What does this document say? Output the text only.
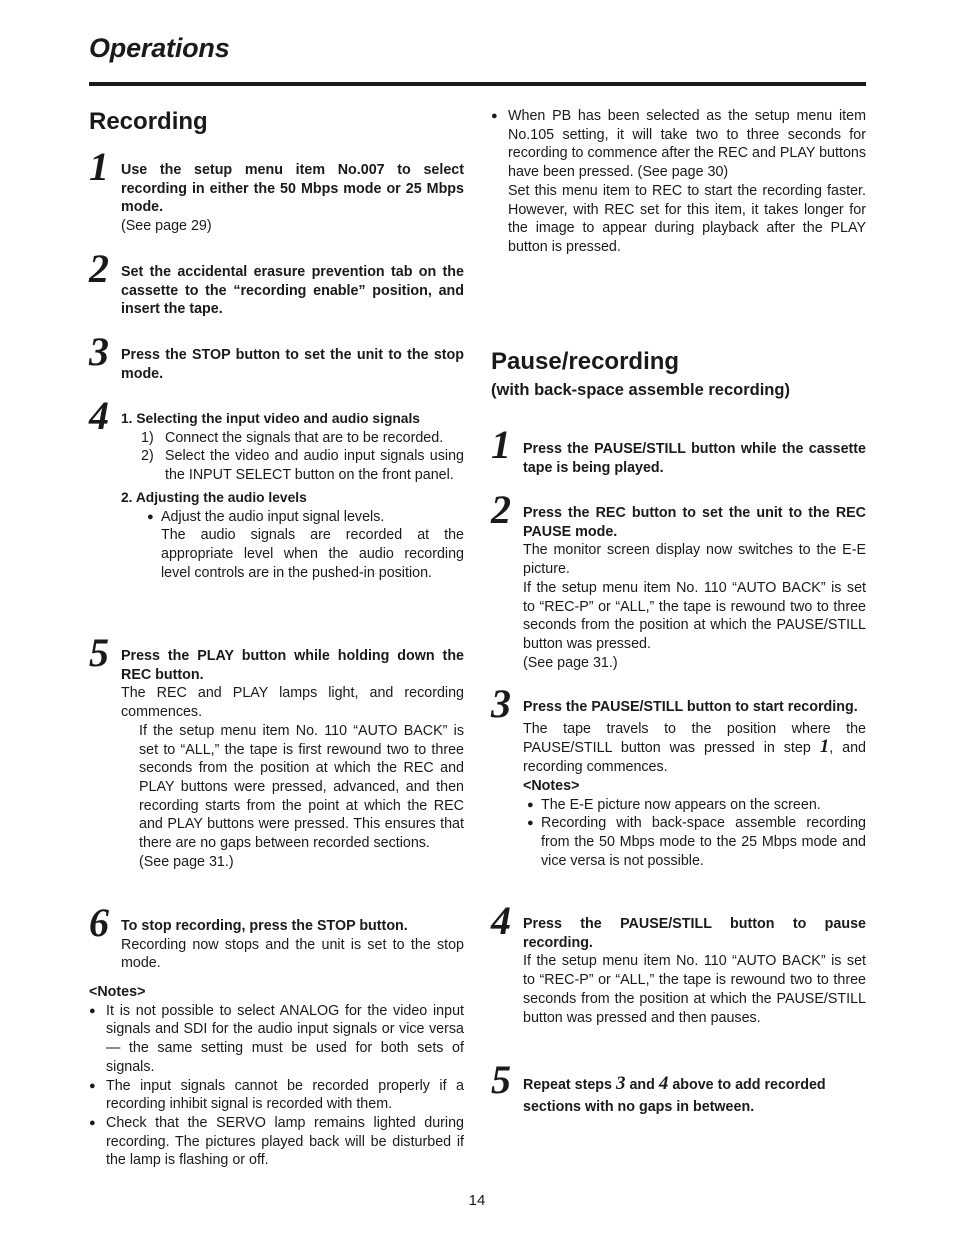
Operations
Recording
1 Use the setup menu item No.007 to select recording in either the 50 Mbps mode or 25 Mbps mode.
(See page 29)
2 Set the accidental erasure prevention tab on the cassette to the “recording enable” position, and insert the tape.
3 Press the STOP button to set the unit to the stop mode.
4 1. Selecting the input video and audio signals
1) Connect the signals that are to be recorded.
2) Select the video and audio input signals using the INPUT SELECT button on the front panel.
2. Adjusting the audio levels
● Adjust the audio input signal levels.
The audio signals are recorded at the appropriate level when the audio recording level controls are in the pushed-in position.
5 Press the PLAY button while holding down the REC button.
The REC and PLAY lamps light, and recording commences.
If the setup menu item No. 110 “AUTO BACK” is set to “ALL,” the tape is first rewound two to three seconds from the position at which the REC and PLAY buttons were pressed, advanced, and then recording starts from the point at which the REC and PLAY buttons were pressed. This ensures that there are no gaps between recorded sections.
(See page 31.)
6 To stop recording, press the STOP button.
Recording now stops and the unit is set to the stop mode.
<Notes>
● It is not possible to select ANALOG for the video input signals and SDI for the audio input signals or vice versa— the same setting must be used for both sets of signals.
● The input signals cannot be recorded properly if a recording inhibit signal is recorded with them.
● Check that the SERVO lamp remains lighted during recording. The pictures played back will be disturbed if the lamp is flashing or off.
● When PB has been selected as the setup menu item No.105 setting, it will take two to three seconds for recording to commence after the REC and PLAY buttons have been pressed. (See page 30)
Set this menu item to REC to start the recording faster. However, with REC set for this item, it takes longer for the image to appear during playback after the PLAY button is pressed.
Pause/recording
(with back-space assemble recording)
1 Press the PAUSE/STILL button while the cassette tape is being played.
2 Press the REC button to set the unit to the REC PAUSE mode.
The monitor screen display now switches to the E-E picture.
If the setup menu item No. 110 “AUTO BACK” is set to “REC-P” or “ALL,” the tape is rewound two to three seconds from the position at which the PAUSE/STILL button was pressed.
(See page 31.)
3 Press the PAUSE/STILL button to start recording.
The tape travels to the position where the PAUSE/STILL button was pressed in step 1, and recording commences.
<Notes>
● The E-E picture now appears on the screen.
● Recording with back-space assemble recording from the 50 Mbps mode to the 25 Mbps mode and vice versa is not possible.
4 Press the PAUSE/STILL button to pause recording.
If the setup menu item No. 110 “AUTO BACK” is set to “REC-P” or “ALL,” the tape is rewound two to three seconds from the position at which the PAUSE/STILL button was pressed and then pauses.
5 Repeat steps 3 and 4 above to add recorded sections with no gaps in between.
14
